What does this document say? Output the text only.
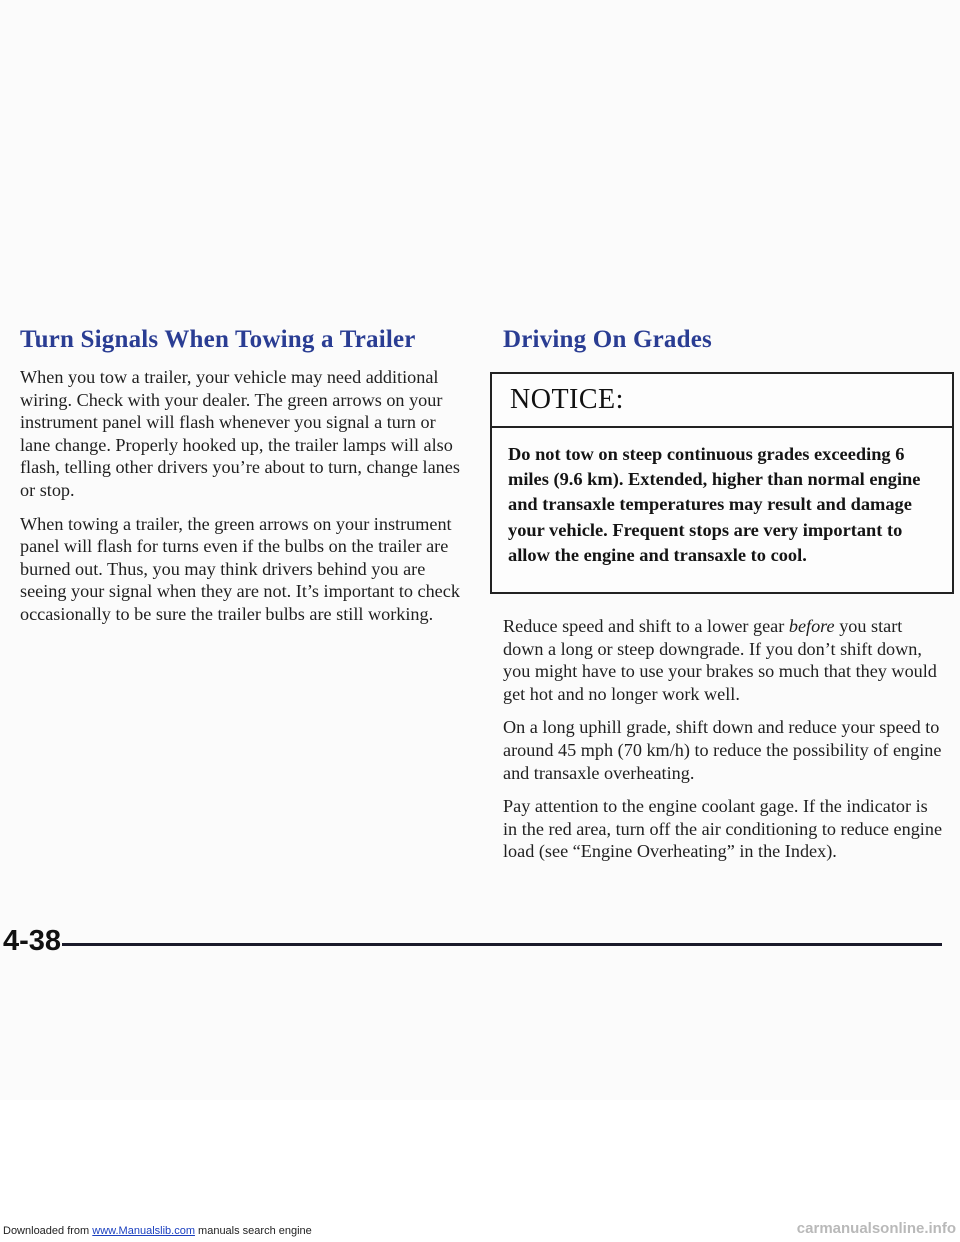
Turn Signals When Towing a Trailer

When you tow a trailer, your vehicle may need additional wiring. Check with your dealer. The green arrows on your instrument panel will flash whenever you signal a turn or lane change. Properly hooked up, the trailer lamps will also flash, telling other drivers you’re about to turn, change lanes or stop.

When towing a trailer, the green arrows on your instrument panel will flash for turns even if the bulbs on the trailer are burned out. Thus, you may think drivers behind you are seeing your signal when they are not. It’s important to check occasionally to be sure the trailer bulbs are still working.

Driving On Grades
NOTICE:
Do not tow on steep continuous grades exceeding 6 miles (9.6 km). Extended, higher than normal engine and transaxle temperatures may result and damage your vehicle. Frequent stops are very important to allow the engine and transaxle to cool.

Reduce speed and shift to a lower gear before you start down a long or steep downgrade. If you don’t shift down, you might have to use your brakes so much that they would get hot and no longer work well.

On a long uphill grade, shift down and reduce your speed to around 45 mph (70 km/h) to reduce the possibility of engine and transaxle overheating.

Pay attention to the engine coolant gage. If the indicator is in the red area, turn off the air conditioning to reduce engine load (see “Engine Overheating” in the Index).

4-38
Downloaded from www.Manualslib.com manuals search engine	carmanualsonline.info
